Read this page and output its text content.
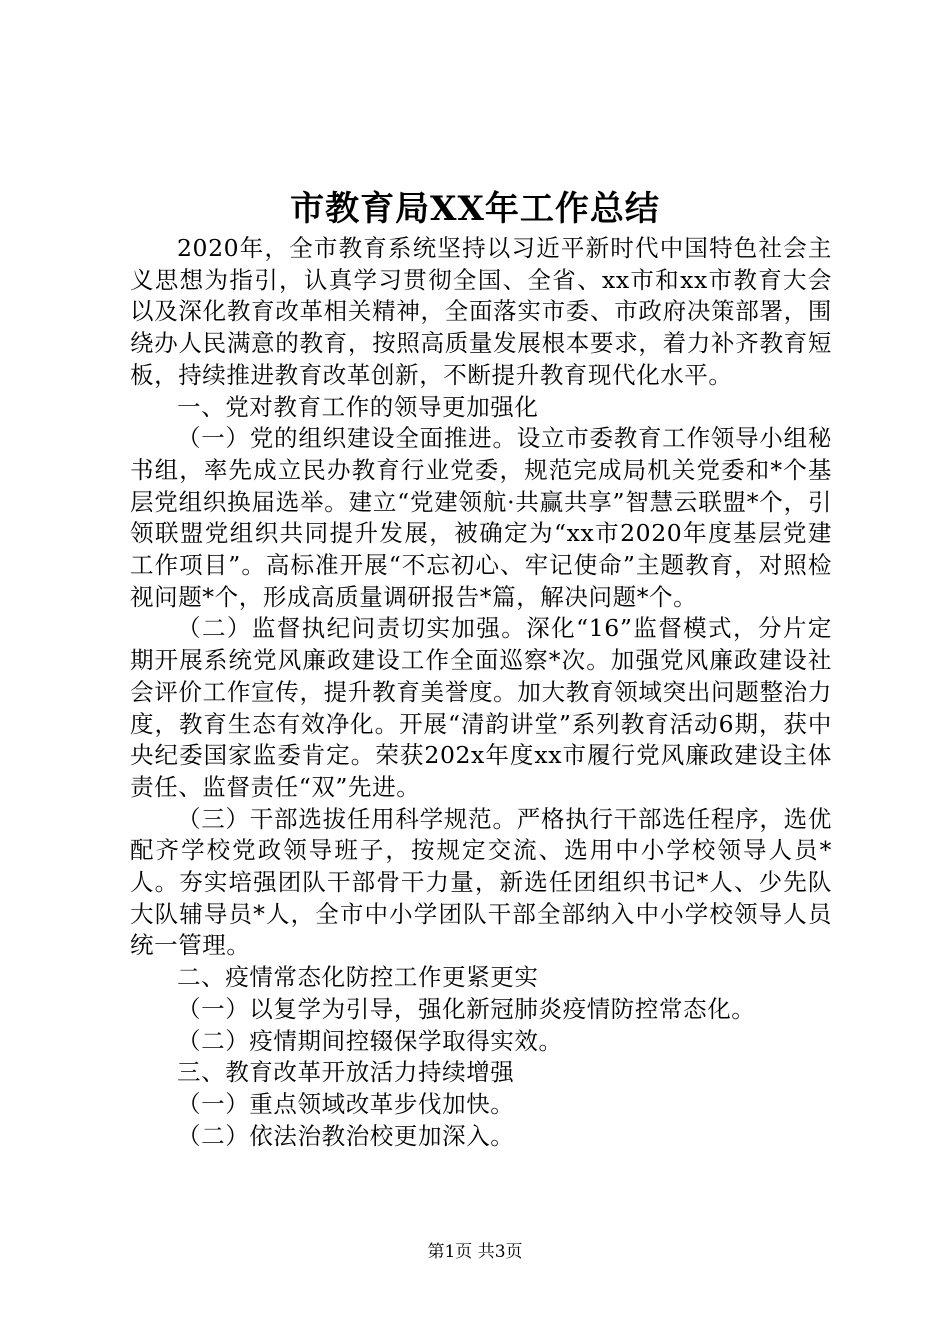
市教育局XX年工作总结

2020年，全市教育系统坚持以习近平新时代中国特色社会主义思想为指引，认真学习贯彻全国、全省、xx市和xx市教育大会以及深化教育改革相关精神，全面落实市委、市政府决策部署，围绕办人民满意的教育，按照高质量发展根本要求，着力补齐教育短板，持续推进教育改革创新，不断提升教育现代化水平。

一、党对教育工作的领导更加强化

（一）党的组织建设全面推进。设立市委教育工作领导小组秘书组，率先成立民办教育行业党委，规范完成局机关党委和*个基层党组织换届选举。建立“党建领航·共赢共享”智慧云联盟*个，引领联盟党组织共同提升发展，被确定为“xx市2020年度基层党建工作项目”。高标准开展“不忘初心、牢记使命”主题教育，对照检视问题*个，形成高质量调研报告*篇，解决问题*个。

（二）监督执纪问责切实加强。深化“16”监督模式，分片定期开展系统党风廉政建设工作全面巡察*次。加强党风廉政建设社会评价工作宣传，提升教育美誉度。加大教育领域突出问题整治力度，教育生态有效净化。开展“清韵讲堂”系列教育活动6期，获中央纪委国家监委肯定。荣获202x年度xx市履行党风廉政建设主体责任、监督责任“双”先进。

（三）干部选拔任用科学规范。严格执行干部选任程序，选优配齐学校党政领导班子，按规定交流、选用中小学校领导人员*人。夯实培强团队干部骨干力量，新选任团组织书记*人、少先队大队辅导员*人，全市中小学团队干部全部纳入中小学校领导人员统一管理。

二、疫情常态化防控工作更紧更实

（一）以复学为引导，强化新冠肺炎疫情防控常态化。

（二）疫情期间控辍保学取得实效。

三、教育改革开放活力持续增强

（一）重点领域改革步伐加快。

（二）依法治教治校更加深入。

第1页 共3页
